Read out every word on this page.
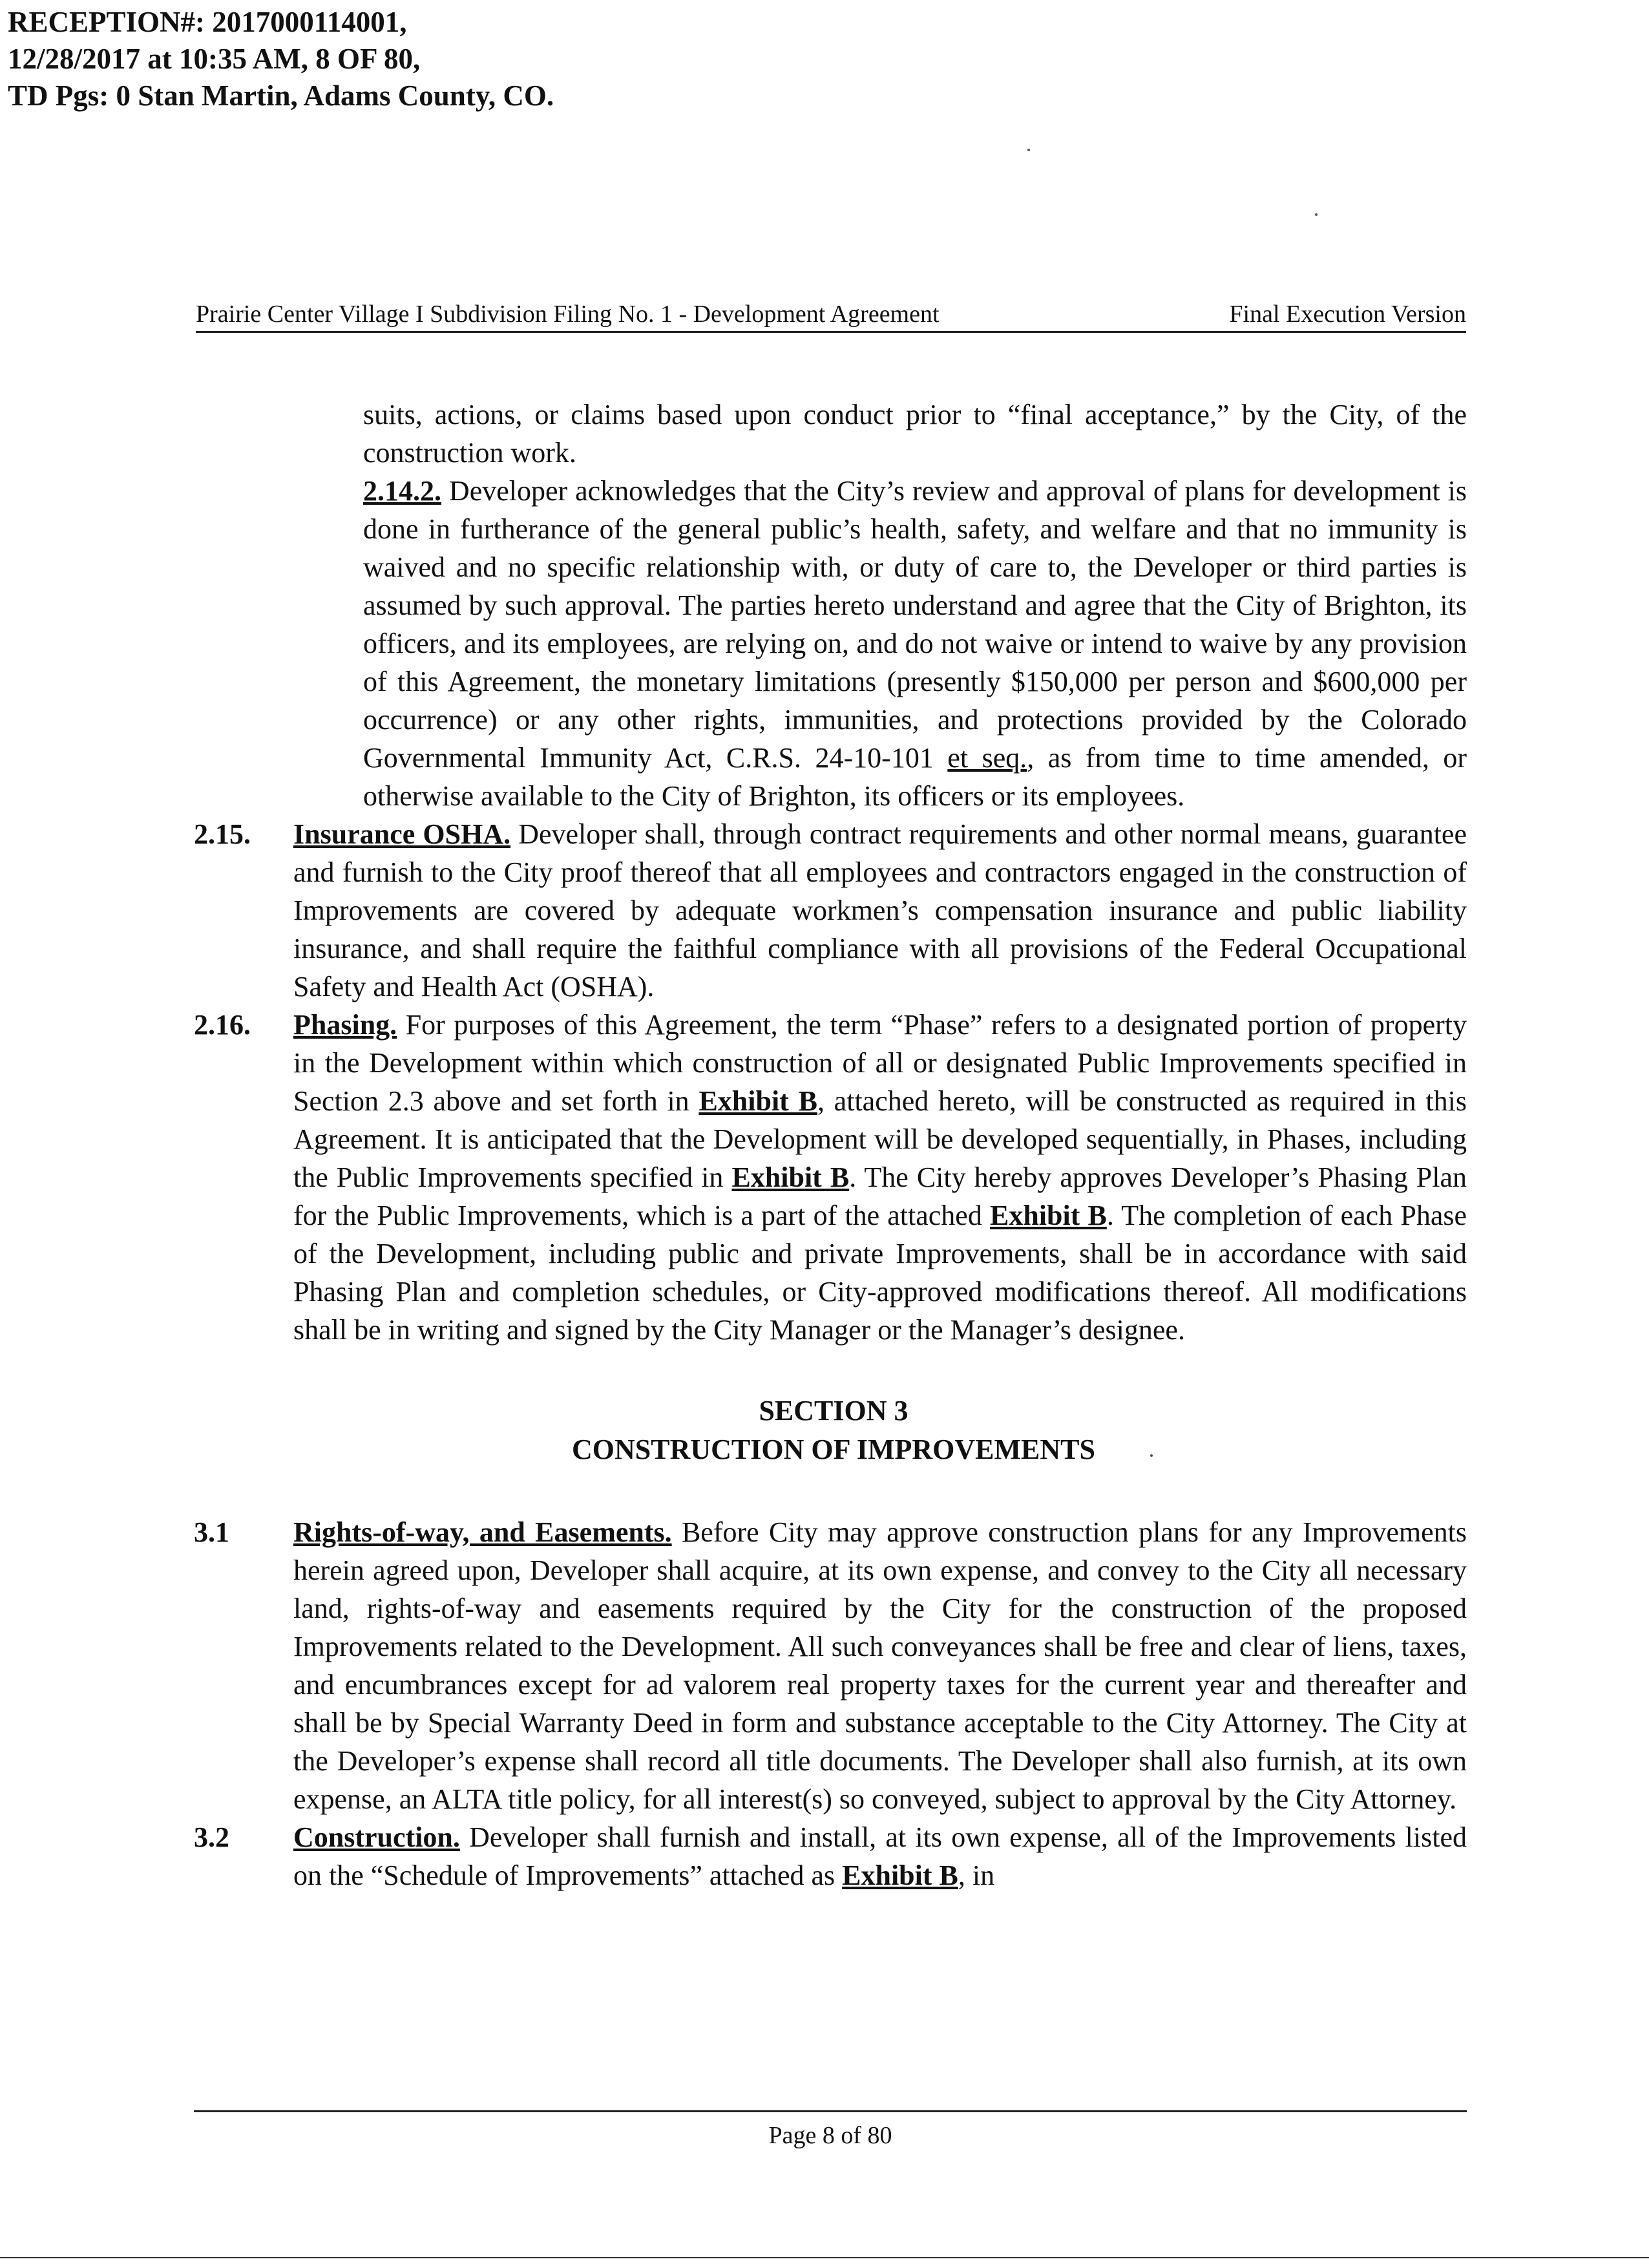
RECEPTION#: 2017000114001,
12/28/2017 at 10:35 AM, 8 OF 80,
TD Pgs: 0 Stan Martin, Adams County, CO.
Prairie Center Village I Subdivision Filing No. 1 - Development Agreement	Final Execution Version

suits, actions, or claims based upon conduct prior to “final acceptance,” by the City, of the construction work.

2.14.2. Developer acknowledges that the City’s review and approval of plans for development is done in furtherance of the general public’s health, safety, and welfare and that no immunity is waived and no specific relationship with, or duty of care to, the Developer or third parties is assumed by such approval. The parties hereto understand and agree that the City of Brighton, its officers, and its employees, are relying on, and do not waive or intend to waive by any provision of this Agreement, the monetary limitations (presently $150,000 per person and $600,000 per occurrence) or any other rights, immunities, and protections provided by the Colorado Governmental Immunity Act, C.R.S. 24-10-101 et seq., as from time to time amended, or otherwise available to the City of Brighton, its officers or its employees.

2.15.	Insurance OSHA. Developer shall, through contract requirements and other normal means, guarantee and furnish to the City proof thereof that all employees and contractors engaged in the construction of Improvements are covered by adequate workmen’s compensation insurance and public liability insurance, and shall require the faithful compliance with all provisions of the Federal Occupational Safety and Health Act (OSHA).

2.16.	Phasing. For purposes of this Agreement, the term “Phase” refers to a designated portion of property in the Development within which construction of all or designated Public Improvements specified in Section 2.3 above and set forth in Exhibit B, attached hereto, will be constructed as required in this Agreement. It is anticipated that the Development will be developed sequentially, in Phases, including the Public Improvements specified in Exhibit B. The City hereby approves Developer’s Phasing Plan for the Public Improvements, which is a part of the attached Exhibit B. The completion of each Phase of the Development, including public and private Improvements, shall be in accordance with said Phasing Plan and completion schedules, or City-approved modifications thereof. All modifications shall be in writing and signed by the City Manager or the Manager’s designee.

SECTION 3
CONSTRUCTION OF IMPROVEMENTS
3.1	Rights-of-way, and Easements. Before City may approve construction plans for any Improvements herein agreed upon, Developer shall acquire, at its own expense, and convey to the City all necessary land, rights-of-way and easements required by the City for the construction of the proposed Improvements related to the Development. All such conveyances shall be free and clear of liens, taxes, and encumbrances except for ad valorem real property taxes for the current year and thereafter and shall be by Special Warranty Deed in form and substance acceptable to the City Attorney. The City at the Developer’s expense shall record all title documents. The Developer shall also furnish, at its own expense, an ALTA title policy, for all interest(s) so conveyed, subject to approval by the City Attorney.

3.2	Construction. Developer shall furnish and install, at its own expense, all of the Improvements listed on the “Schedule of Improvements” attached as Exhibit B, in

Page 8 of 80
